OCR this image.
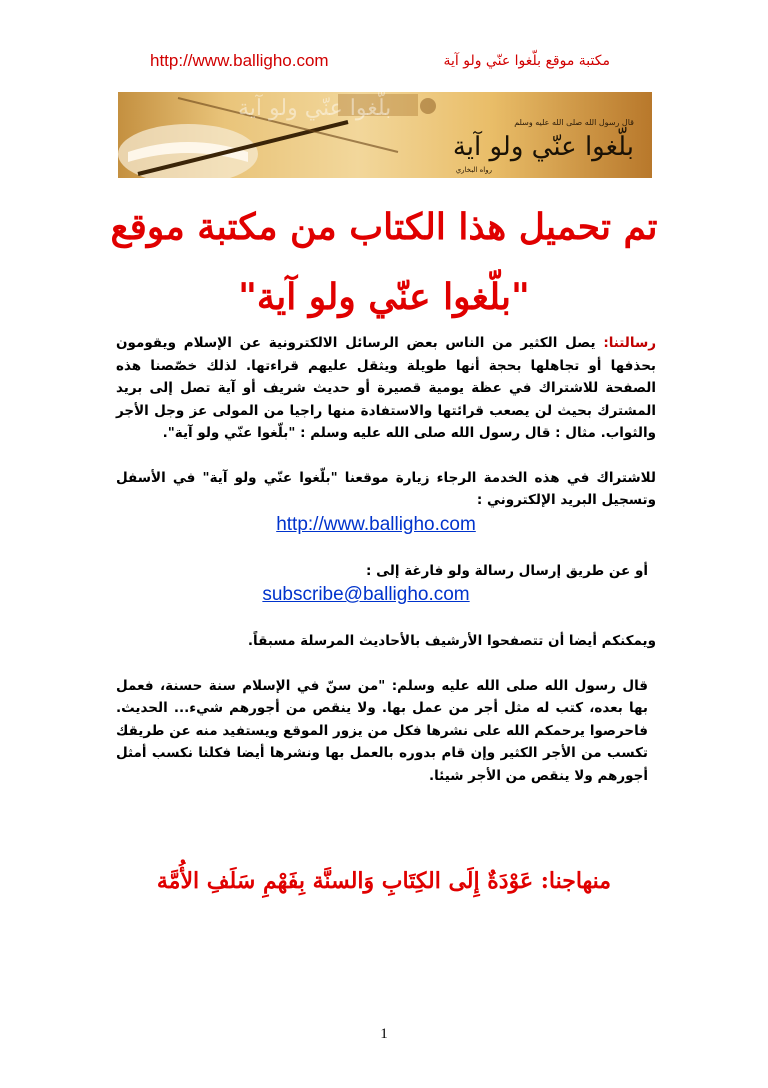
http://www.balligho.com	مكتبة موقع بلّغوا عنّي ولو آية
بلّغوا عنّي ولو آية
قال رسول الله صلى الله عليه وسلم
بلّغوا عنّي ولو آية
رواه البخاري
تم تحميل هذا الكتاب من مكتبة موقع
"بلّغوا عنّي ولو آية"

رسالتنا: يصل الكثير من الناس بعض الرسائل الالكترونية عن الإسلام ويقومون بحذفها أو تجاهلها بحجة أنها طويلة ويثقل عليهم قراءتها. لذلك خصّصنا هذه الصفحة للاشتراك في عظة يومية قصيرة أو حديث شريف أو آية تصل إلى بريد المشترك بحيث لن يصعب قرائتها والاستفادة منها راجيا من المولى عز وجل الأجر والثواب. مثال : قال رسول الله صلى الله عليه وسلم : "بلّغوا عنّي ولو آية".

للاشتراك في هذه الخدمة الرجاء زيارة موقعنا "بلّغوا عنّي ولو آية" في الأسفل وتسجيل البريد الإلكتروني :

http://www.balligho.com

أو عن طريق إرسال رسالة ولو فارغة إلى :

subscribe@balligho.com

ويمكنكم أيضا أن تتصفحوا الأرشيف بالأحاديث المرسلة مسبقاً.

قال رسول الله صلى الله عليه وسلم: "من سنّ في الإسلام سنة حسنة، فعمل بها بعده، كتب له مثل أجر من عمل بها. ولا ينقص من أجورهم شيء... الحديث. فاحرصوا يرحمكم الله على نشرها فكل من يزور الموقع ويستفيد منه عن طريقك تكسب من الأجر الكثير وإن قام بدوره بالعمل بها ونشرها أيضا فكلنا نكسب أمثل أجورهم ولا ينقص من الأجر شيئا.

منهاجنا: عَوْدَةٌ إِلَى الكِتَابِ وَالسنَّة بِفَهْمِ سَلَفِ الأُمَّة
1
